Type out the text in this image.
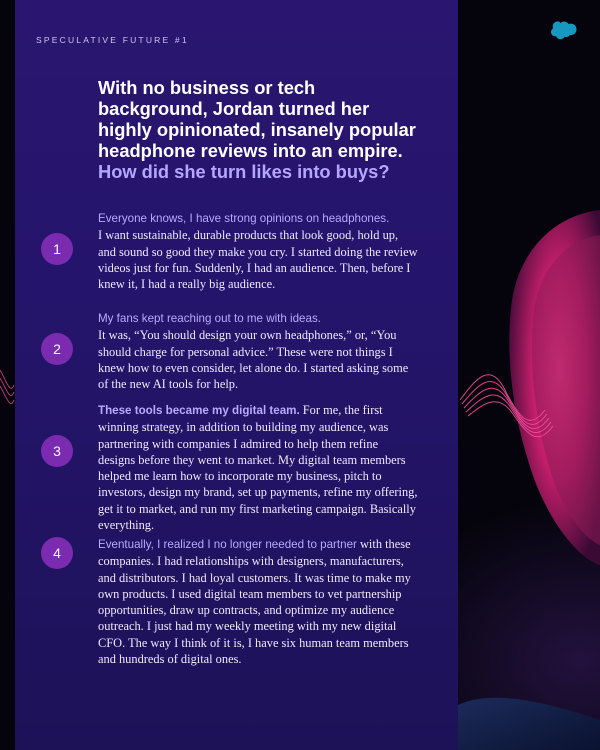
SPECULATIVE FUTURE #1
With no business or tech background, Jordan turned her highly opinionated, insanely popular headphone reviews into an empire.
How did she turn likes into buys?
1

Everyone knows, I have strong opinions on headphones.
I want sustainable, durable products that look good, hold up, and sound so good they make you cry. I started doing the review videos just for fun. Suddenly, I had an audience. Then, before I knew it, I had a really big audience.

2

My fans kept reaching out to me with ideas.
It was, “You should design your own headphones,” or, “You should charge for personal advice.” These were not things I knew how to even consider, let alone do. I started asking some of the new AI tools for help.

3

These tools became my digital team. For me, the first winning strategy, in addition to building my audience, was partnering with companies I admired to help them refine designs before they went to market. My digital team members helped me learn how to incorporate my business, pitch to investors, design my brand, set up payments, refine my offering, get it to market, and run my first marketing campaign. Basically everything.

4

Eventually, I realized I no longer needed to partner with these companies. I had relationships with designers, manufacturers, and distributors. I had loyal customers. It was time to make my own products. I used digital team members to vet partnership opportunities, draw up contracts, and optimize my audience outreach. I just had my weekly meeting with my new digital CFO. The way I think of it is, I have six human team members and hundreds of digital ones.
